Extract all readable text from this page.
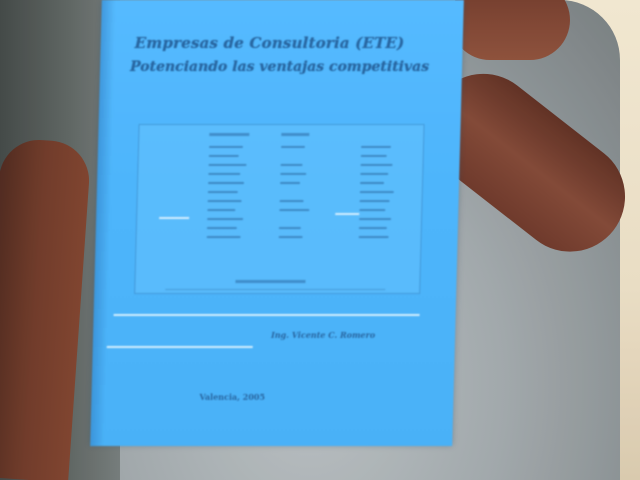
Empresas de Consultoria (ETE)
Potenciando las ventajas competitivas
Ing. Vicente C. Romero
Valencia, 2005
